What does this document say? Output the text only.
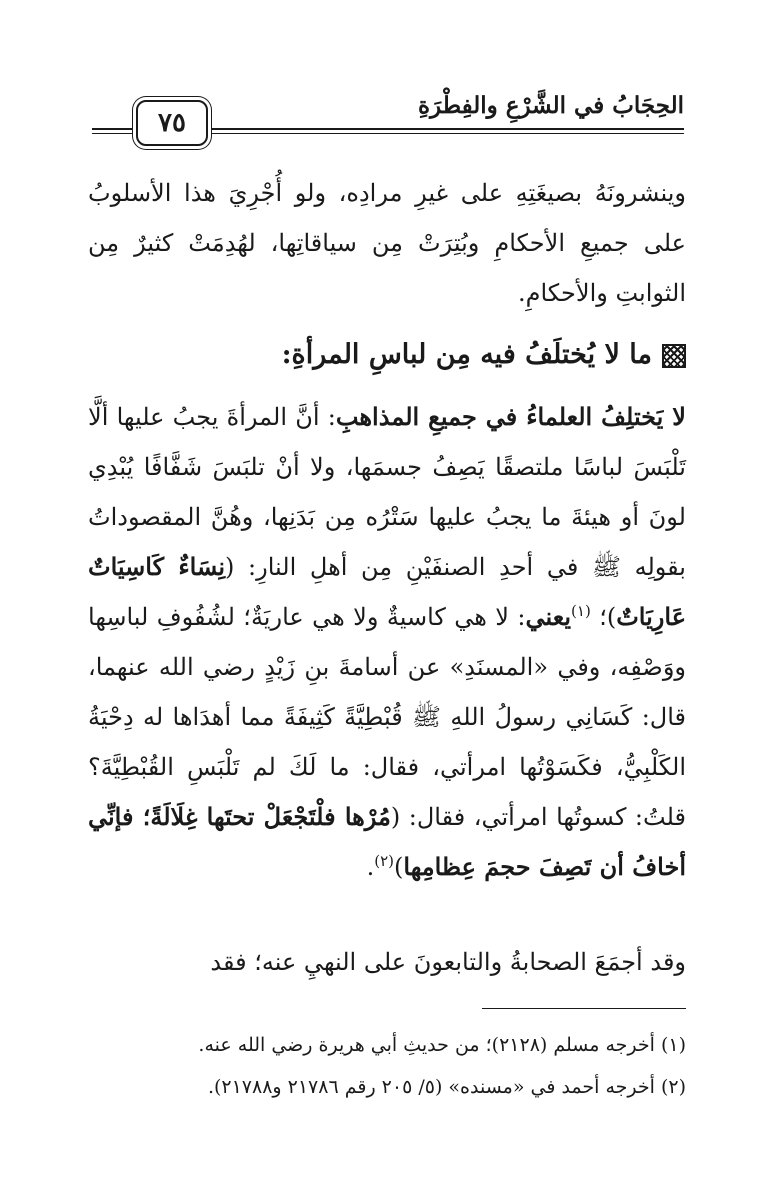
الحِجَابُ في الشَّرْعِ والفِطْرَةِ
٧٥
وينشرونَهُ بصيغَتِهِ على غيرِ مرادِه، ولو أُجْرِيَ هذا الأسلوبُ على جميعِ الأحكامِ وبُتِرَتْ مِن سياقاتِها، لهُدِمَتْ كثيرٌ مِن الثوابتِ والأحكامِ.
ما لا يُختلَفُ فيه مِن لباسِ المرأةِ:
لا يَختلِفُ العلماءُ في جميعِ المذاهبِ: أنَّ المرأةَ يجبُ عليها ألَّا تَلْبَسَ لباسًا ملتصقًا يَصِفُ جسمَها، ولا أنْ تلبَسَ شَفَّافًا يُبْدِي لونَ أو هيئةَ ما يجبُ عليها سَتْرُه مِن بَدَنِها، وهُنَّ المقصوداتُ بقولِه ﷺ في أحدِ الصنفَيْنِ مِن أهلِ النارِ: (نِسَاءٌ كَاسِيَاتٌ عَارِيَاتٌ)؛ $^{(١)}$يعني: لا هي كاسيةٌ ولا هي عاريَةٌ؛ لشُفُوفِ لباسِها ووَصْفِه، وفي «المسنَدِ» عن أسامةَ بنِ زَيْدٍ رضي الله عنهما، قال: كَسَانِي رسولُ اللهِ ﷺ قُبْطِيَّةً كَثِيفَةً مما أهدَاها له دِحْيَةُ الكَلْبِيُّ، فكَسَوْتُها امرأتي، فقال: ما لَكَ لم تَلْبَسِ القُبْطِيَّةَ؟ قلتُ: كسوتُها امرأتي، فقال: (مُرْها فلْتَجْعَلْ تحتَها غِلَالَةً؛ فإنِّي أخافُ أن تَصِفَ حجمَ عِظامِها)$^{(٢)}$.
وقد أجمَعَ الصحابةُ والتابعونَ على النهيِ عنه؛ فقد
(١) أخرجه مسلم (٢١٢٨)؛ من حديثِ أبي هريرة رضي الله عنه.
(٢) أخرجه أحمد في «مسنده» (٥/ ٢٠٥ رقم ٢١٧٨٦ و٢١٧٨٨).
